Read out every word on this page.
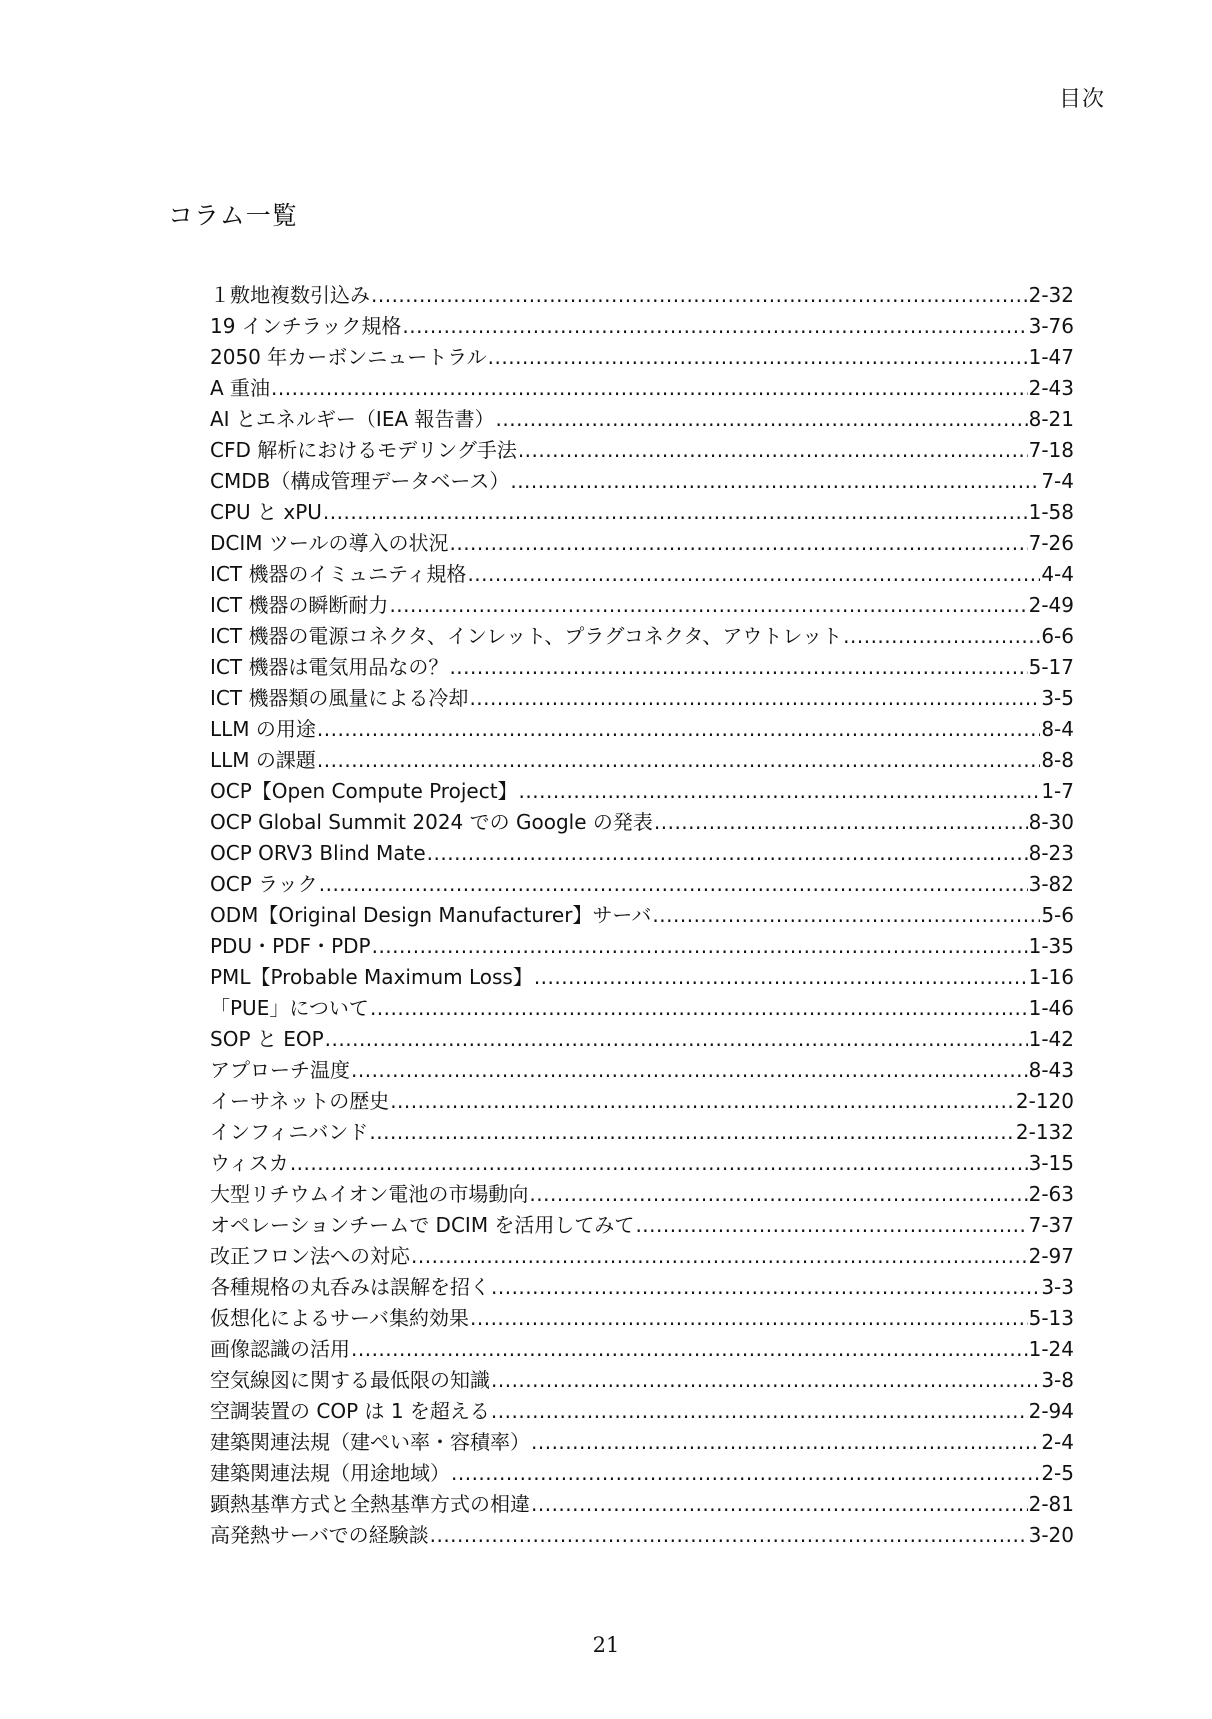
目次
コラム一覧
１敷地複数引込み .....	2-32
19 インチラック規格 .....	3-76
2050 年カーボンニュートラル .....	1-47
A 重油 .....	2-43
AI とエネルギー（IEA 報告書） .....	8-21
CFD 解析におけるモデリング手法 .....	7-18
CMDB（構成管理データベース） .....	7-4
CPU と xPU .....	1-58
DCIM ツールの導入の状況 .....	7-26
ICT 機器のイミュニティ規格 .....	4-4
ICT 機器の瞬断耐力 .....	2-49
ICT 機器の電源コネクタ、インレット、プラグコネクタ、アウトレット .....	6-6
ICT 機器は電気用品なの？ .....	5-17
ICT 機器類の風量による冷却 .....	3-5
LLM の用途 .....	8-4
LLM の課題 .....	8-8
OCP【Open Compute Project】 .....	1-7
OCP Global Summit 2024 での Google の発表 .....	8-30
OCP ORV3 Blind Mate .....	8-23
OCP ラック .....	3-82
ODM【Original Design Manufacturer】サーバ .....	5-6
PDU・PDF・PDP .....	1-35
PML【Probable Maximum Loss】 .....	1-16
「PUE」について .....	1-46
SOP と EOP .....	1-42
アプローチ温度 .....	8-43
イーサネットの歴史 .....	2-120
インフィニバンド .....	2-132
ウィスカ .....	3-15
大型リチウムイオン電池の市場動向 .....	2-63
オペレーションチームで DCIM を活用してみて .....	7-37
改正フロン法への対応 .....	2-97
各種規格の丸呑みは誤解を招く .....	3-3
仮想化によるサーバ集約効果 .....	5-13
画像認識の活用 .....	1-24
空気線図に関する最低限の知識 .....	3-8
空調装置の COP は 1 を超える .....	2-94
建築関連法規（建ぺい率・容積率） .....	2-4
建築関連法規（用途地域） .....	2-5
顕熱基準方式と全熱基準方式の相違 .....	2-81
高発熱サーバでの経験談 .....	3-20
21
